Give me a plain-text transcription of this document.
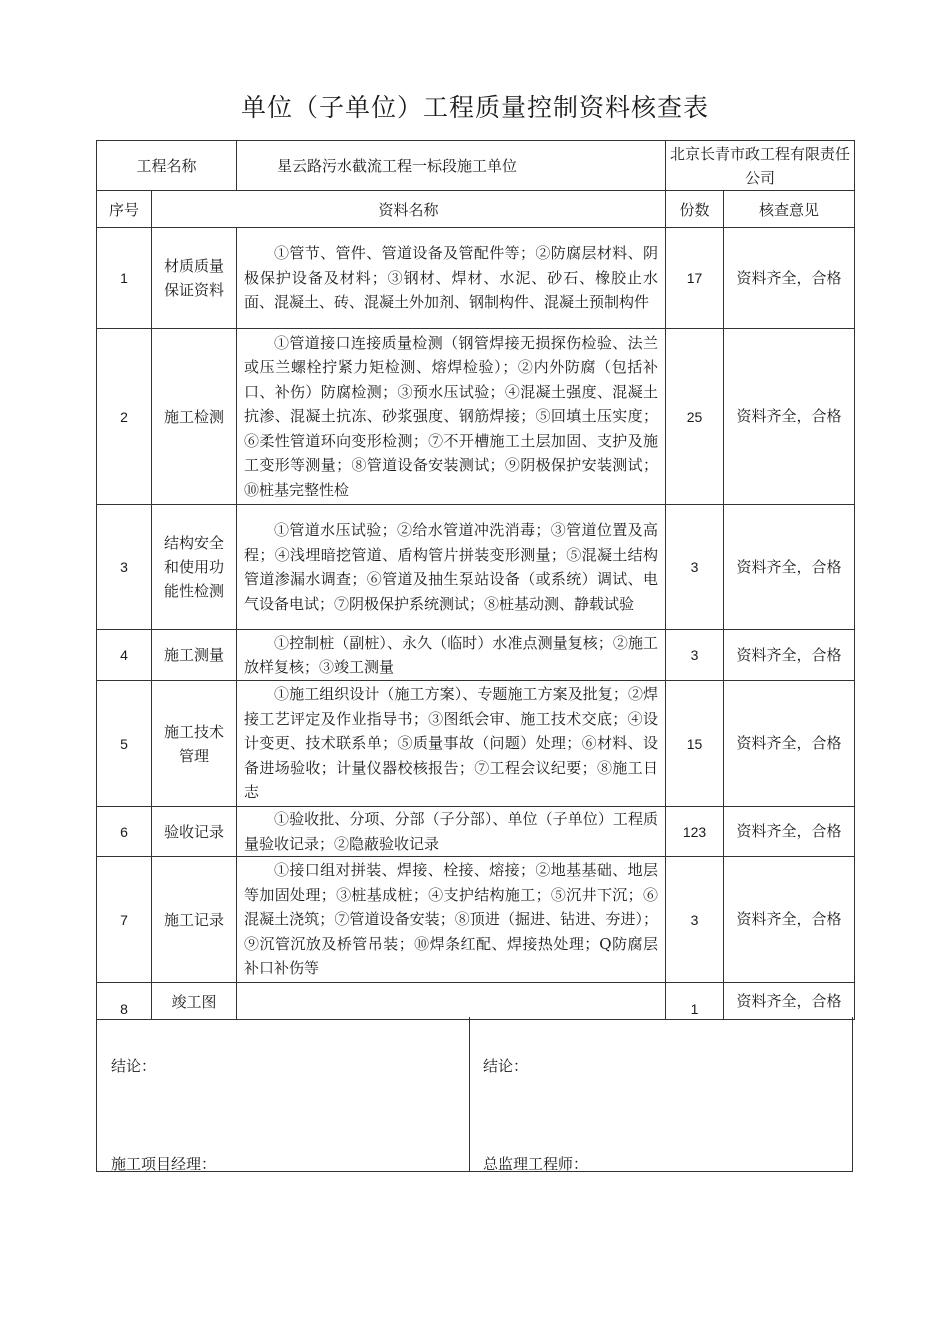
单位（子单位）工程质量控制资料核查表
工程名称		星云路污水截流工程一标段施工单位	北京长青市政工程有限责任公司	
序号	资料名称		份数	核查意见
1	材质质量保证资料	①管节、管件、管道设备及管配件等；②防腐层材料、阴极保护设备及材料；③钢材、焊材、水泥、砂石、橡胶止水面、混凝土、砖、混凝土外加剂、钢制构件、混凝土预制构件	17	资料齐全，合格
2	施工检测	①管道接口连接质量检测（钢管焊接无损探伤检验、法兰或压兰螺栓拧紧力矩检测、熔焊检验）；②内外防腐（包括补口、补伤）防腐检测；③预水压试验；④混凝土强度、混凝土抗渗、混凝土抗冻、砂浆强度、钢筋焊接；⑤回填土压实度；⑥柔性管道环向变形检测；⑦不开槽施工土层加固、支护及施工变形等测量；⑧管道设备安装测试；⑨阴极保护安装测试；⑩桩基完整性检	25	资料齐全，合格
3	结构安全和使用功能性检测	①管道水压试验；②给水管道冲洗消毒；③管道位置及高程；④浅埋暗挖管道、盾构管片拼装变形测量；⑤混凝土结构管道渗漏水调查；⑥管道及抽生泵站设备（或系统）调试、电气设备电试；⑦阴极保护系统测试；⑧桩基动测、静载试验	3	资料齐全，合格
4	施工测量	①控制桩（副桩）、永久（临时）水准点测量复核；②施工放样复核；③竣工测量	3	资料齐全，合格
5	施工技术管理	①施工组织设计（施工方案）、专题施工方案及批复；②焊接工艺评定及作业指导书；③图纸会审、施工技术交底；④设计变更、技术联系单；⑤质量事故（问题）处理；⑥材料、设备进场验收；计量仪器校核报告；⑦工程会议纪要；⑧施工日志	15	资料齐全，合格
6	验收记录	①验收批、分项、分部（子分部）、单位（子单位）工程质量验收记录；②隐蔽验收记录	123	资料齐全，合格
7	施工记录	①接口组对拼装、焊接、栓接、熔接；②地基基础、地层等加固处理；③桩基成桩；④支护结构施工；⑤沉井下沉；⑥混凝土浇筑；⑦管道设备安装；⑧顶进（掘进、钻进、夯进）；⑨沉管沉放及桥管吊装；⑩焊条红配、焊接热处理；Q防腐层补口补伤等	3	资料齐全，合格
8	竣工图		1	资料齐全，合格
结论：
施工项目经理：
结论：
总监理工程师：
